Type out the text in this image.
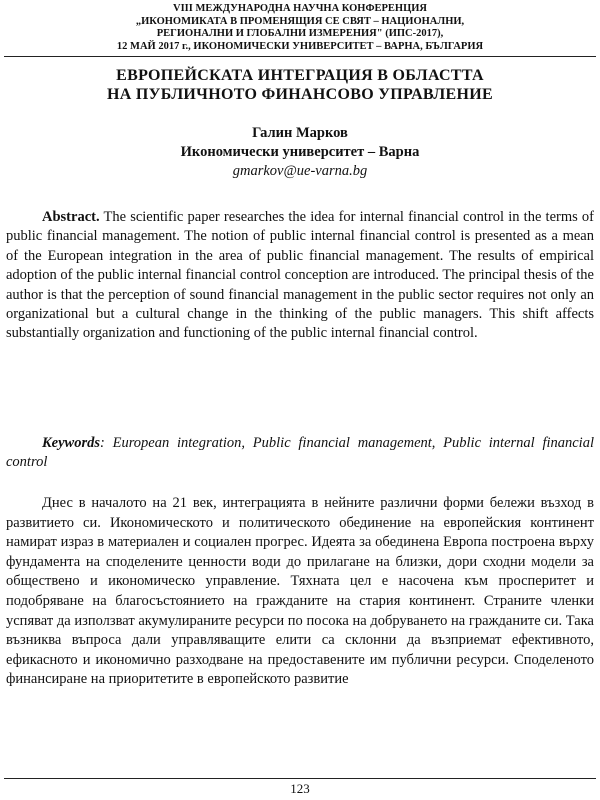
VIII МЕЖДУНАРОДНА НАУЧНА КОНФЕРЕНЦИЯ
„ИКОНОМИКАТА В ПРОМЕНЯЩИЯ СЕ СВЯТ – НАЦИОНАЛНИ,
РЕГИОНАЛНИ И ГЛОБАЛНИ ИЗМЕРЕНИЯ" (ИПС-2017),
12 МАЙ 2017 г., ИКОНОМИЧЕСКИ УНИВЕРСИТЕТ – ВАРНА, БЪЛГАРИЯ
ЕВРОПЕЙСКАТА ИНТЕГРАЦИЯ В ОБЛАСТТА
НА ПУБЛИЧНОТО ФИНАНСОВО УПРАВЛЕНИЕ
Галин Марков
Икономически университет – Варна
gmarkov@ue-varna.bg
Abstract. The scientific paper researches the idea for internal financial control in the terms of public financial management. The notion of public internal financial control is presented as a mean of the European integration in the area of public financial management. The results of empirical adoption of the public internal financial control conception are introduced. The principal thesis of the author is that the perception of sound financial management in the public sector requires not only an organizational but a cultural change in the thinking of the public managers. This shift affects substantially organization and functioning of the public internal financial control.
Keywords: European integration, Public financial management, Public internal financial control
Днес в началото на 21 век, интеграцията в нейните различни форми бележи възход в развитието си. Икономическото и политическото обединение на европейския континент намират израз в материален и социален прогрес. Идеята за обединена Европа построена върху фундамента на споделените ценности води до прилагане на близки, дори сходни модели за обществено и икономическо управление. Тяхната цел е насочена към просперитет и подобряване на благосъстоянието на гражданите на стария континент. Страните членки успяват да използват акумулираните ресурси по посока на добруването на гражданите си. Така възниква въпроса дали управляващите елити са склонни да възприемат ефективното, ефикасното и икономично разходване на предоставените им публични ресурси. Споделеното финансиране на приоритетите в европейското развитие
123
